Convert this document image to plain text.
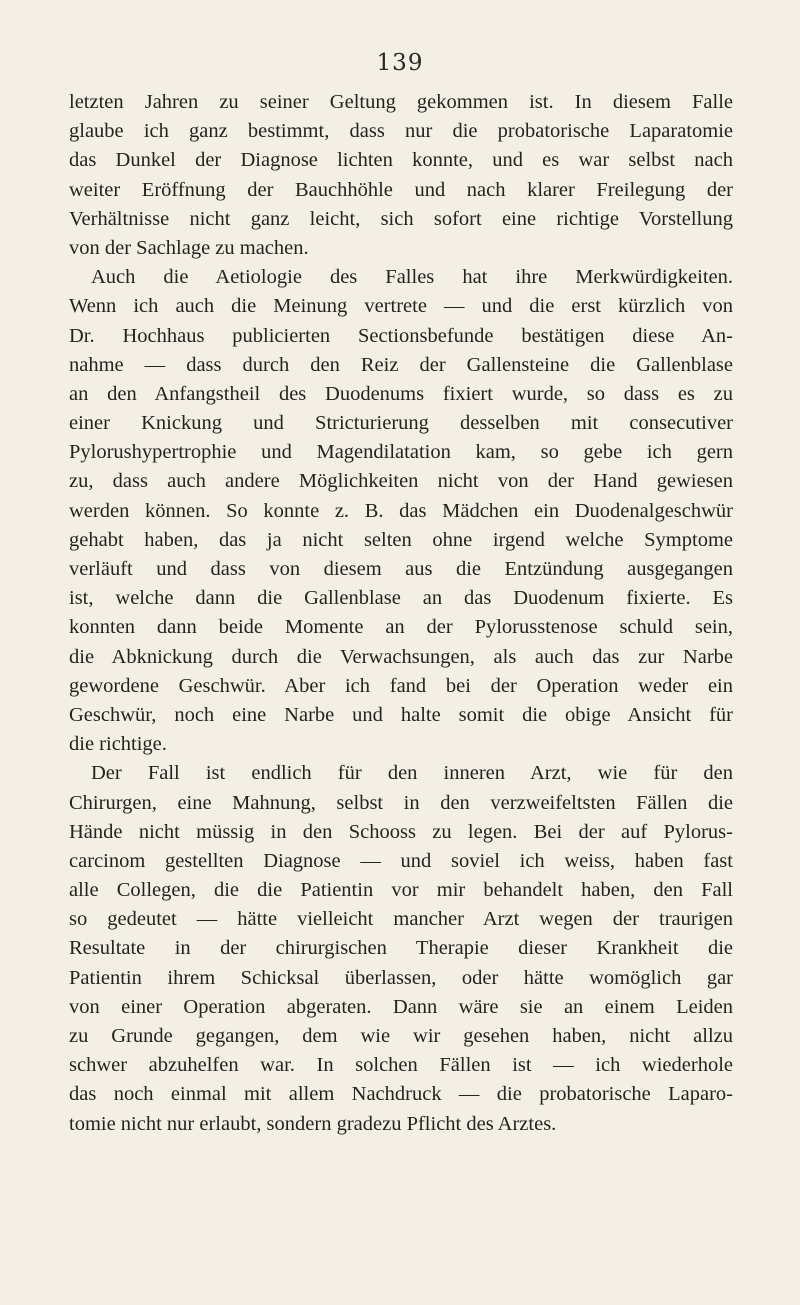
139
letzten Jahren zu seiner Geltung gekommen ist. In diesem Falle
glaube ich ganz bestimmt, dass nur die probatorische Laparatomie
das Dunkel der Diagnose lichten konnte, und es war selbst nach
weiter Eröffnung der Bauchhöhle und nach klarer Freilegung der
Verhältnisse nicht ganz leicht, sich sofort eine richtige Vorstellung
von der Sachlage zu machen.
Auch die Aetiologie des Falles hat ihre Merkwürdigkeiten.
Wenn ich auch die Meinung vertrete — und die erst kürzlich von
Dr. Hochhaus publicierten Sectionsbefunde bestätigen diese An-
nahme — dass durch den Reiz der Gallensteine die Gallenblase
an den Anfangstheil des Duodenums fixiert wurde, so dass es zu
einer Knickung und Stricturierung desselben mit consecutiver
Pylorushypertrophie und Magendilatation kam, so gebe ich gern
zu, dass auch andere Möglichkeiten nicht von der Hand gewiesen
werden können. So konnte z. B. das Mädchen ein Duodenalgeschwür
gehabt haben, das ja nicht selten ohne irgend welche Symptome
verläuft und dass von diesem aus die Entzündung ausgegangen
ist, welche dann die Gallenblase an das Duodenum fixierte. Es
konnten dann beide Momente an der Pylorusstenose schuld sein,
die Abknickung durch die Verwachsungen, als auch das zur Narbe
gewordene Geschwür. Aber ich fand bei der Operation weder ein
Geschwür, noch eine Narbe und halte somit die obige Ansicht für
die richtige.
Der Fall ist endlich für den inneren Arzt, wie für den
Chirurgen, eine Mahnung, selbst in den verzweifeltsten Fällen die
Hände nicht müssig in den Schooss zu legen. Bei der auf Pylorus-
carcinom gestellten Diagnose — und soviel ich weiss, haben fast
alle Collegen, die die Patientin vor mir behandelt haben, den Fall
so gedeutet — hätte vielleicht mancher Arzt wegen der traurigen
Resultate in der chirurgischen Therapie dieser Krankheit die
Patientin ihrem Schicksal überlassen, oder hätte womöglich gar
von einer Operation abgeraten. Dann wäre sie an einem Leiden
zu Grunde gegangen, dem wie wir gesehen haben, nicht allzu
schwer abzuhelfen war. In solchen Fällen ist — ich wiederhole
das noch einmal mit allem Nachdruck — die probatorische Laparo-
tomie nicht nur erlaubt, sondern gradezu Pflicht des Arztes.
